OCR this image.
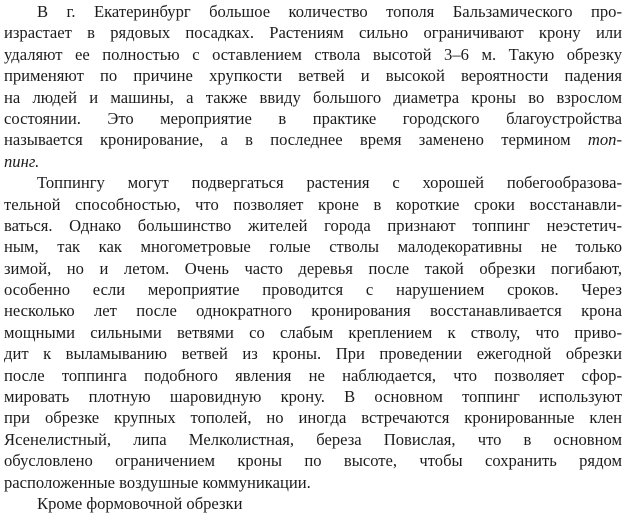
В г. Екатеринбург большое количество тополя Бальзамического про-
израстает в рядовых посадках. Растениям сильно ограничивают крону или
удаляют ее полностью с оставлением ствола высотой 3–6 м. Такую обрезку
применяют по причине хрупкости ветвей и высокой вероятности падения
на людей и машины, а также ввиду большого диаметра кроны во взрослом
состоянии. Это мероприятие в практике городского благоустройства
называется кронирование, а в последнее время заменено термином топ-
пинг.

Топпингу могут подвергаться растения с хорошей побегообразова-
тельной способностью, что позволяет кроне в короткие сроки восстанавли-
ваться. Однако большинство жителей города признают топпинг неэстетич-
ным, так как многометровые голые стволы малодекоративны не только
зимой, но и летом. Очень часто деревья после такой обрезки погибают,
особенно если мероприятие проводится с нарушением сроков. Через
несколько лет после однократного кронирования восстанавливается крона
мощными сильными ветвями со слабым креплением к стволу, что приво-
дит к выламыванию ветвей из кроны. При проведении ежегодной обрезки
после топпинга подобного явления не наблюдается, что позволяет сфор-
мировать плотную шаровидную крону. В основном топпинг используют
при обрезке крупных тополей, но иногда встречаются кронированные клен
Ясенелистный, липа Мелколистная, береза Повислая, что в основном
обусловлено ограничением кроны по высоте, чтобы сохранить рядом
расположенные воздушные коммуникации.

Кроме формовочной обрезки
